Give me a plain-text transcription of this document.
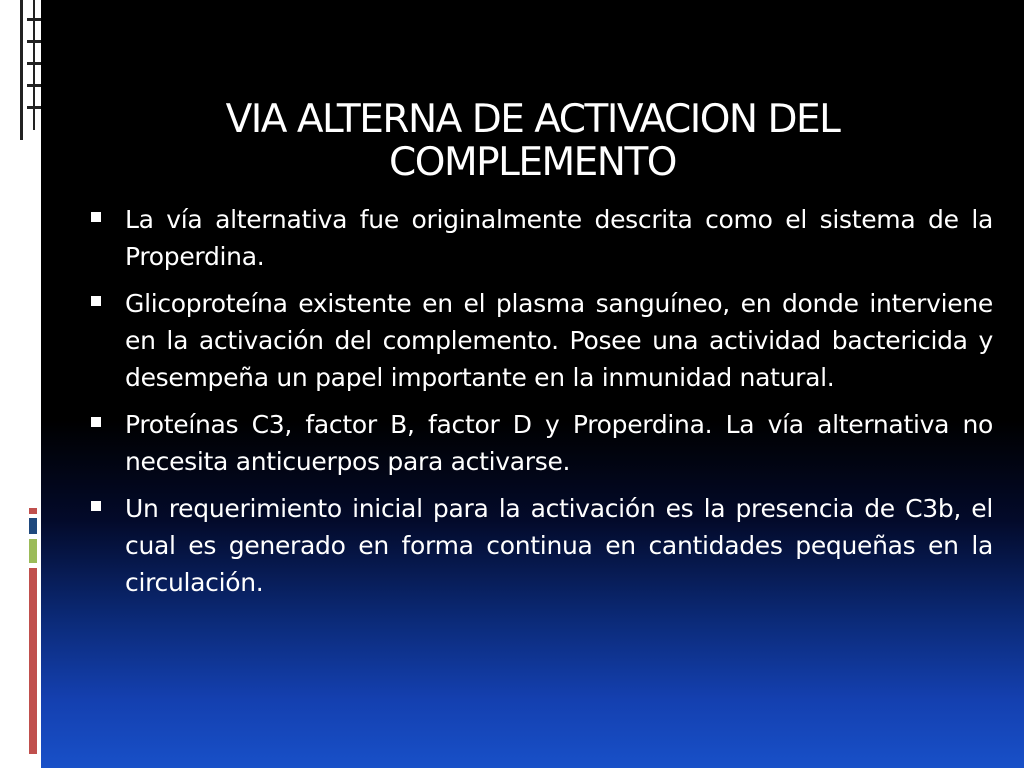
VIA ALTERNA DE ACTIVACION DEL COMPLEMENTO
La vía alternativa fue originalmente descrita como el sistema de la Properdina.
Glicoproteína existente en el plasma sanguíneo, en donde interviene en la activación del complemento. Posee una actividad bactericida y desempeña un papel importante en la inmunidad natural.
Proteínas C3, factor B, factor D y Properdina. La vía alternativa no necesita anticuerpos para activarse.
Un requerimiento inicial para la activación es la presencia de C3b, el cual es generado en forma continua en cantidades pequeñas en la circulación.
